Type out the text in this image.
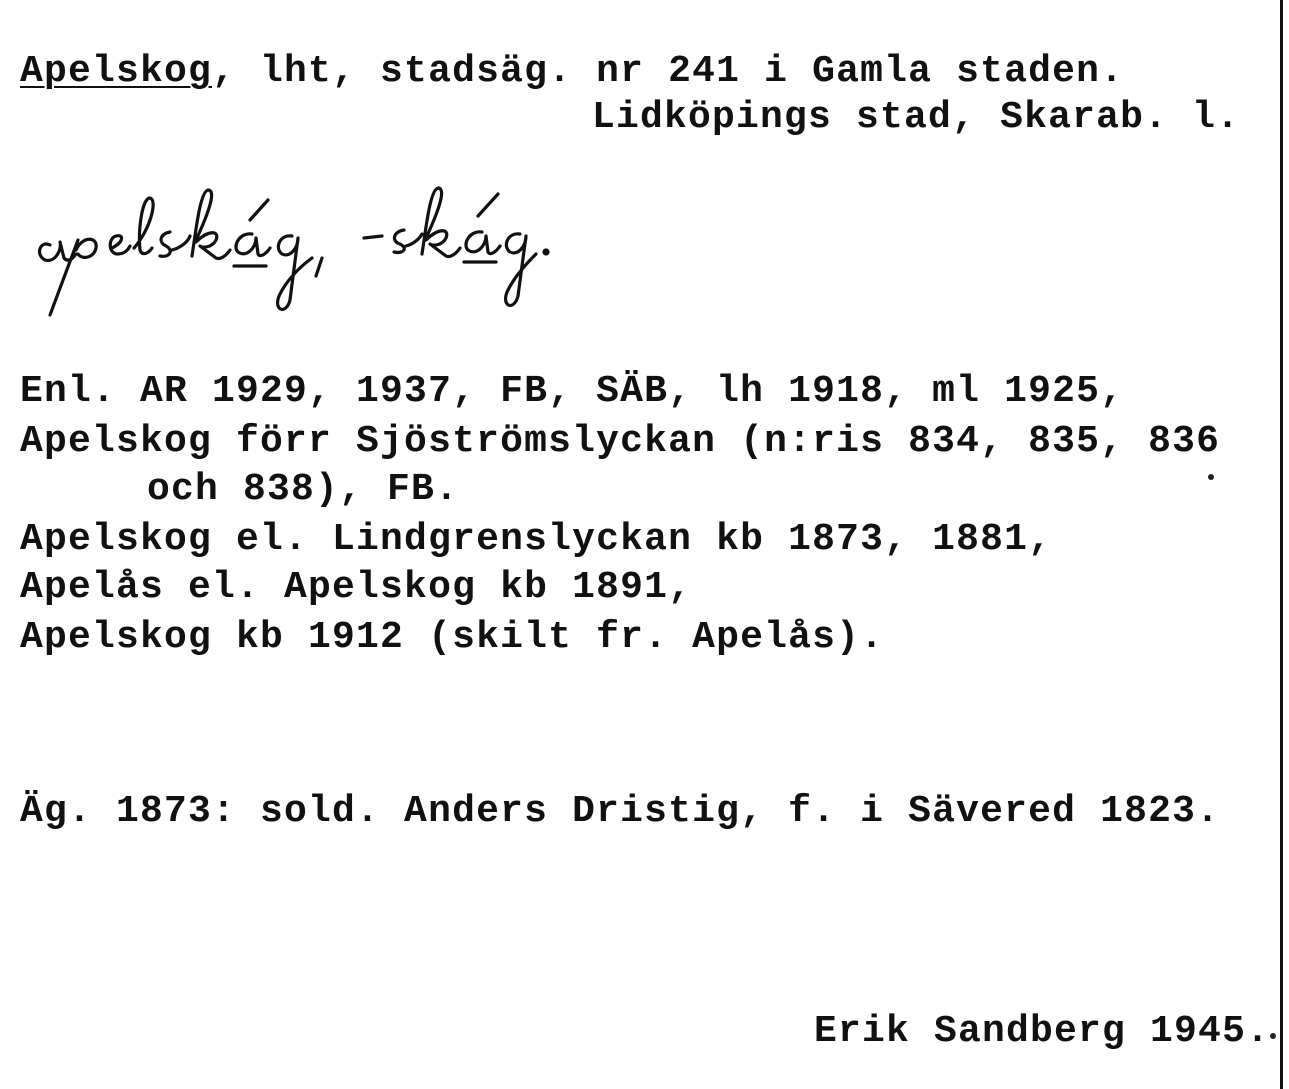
Apelskog, lht, stadsäg. nr 241 i Gamla staden.
Lidköpings stad, Skarab. l.
Enl. AR 1929, 1937, FB, SÄB, lh 1918, ml 1925,
Apelskog förr Sjöströmslyckan (n:ris 834, 835, 836
och 838), FB.
Apelskog el. Lindgrenslyckan kb 1873, 1881,
Apelås el. Apelskog kb 1891,
Apelskog kb 1912 (skilt fr. Apelås).
Äg. 1873: sold. Anders Dristig, f. i Sävered 1823.
Erik Sandberg 1945.
